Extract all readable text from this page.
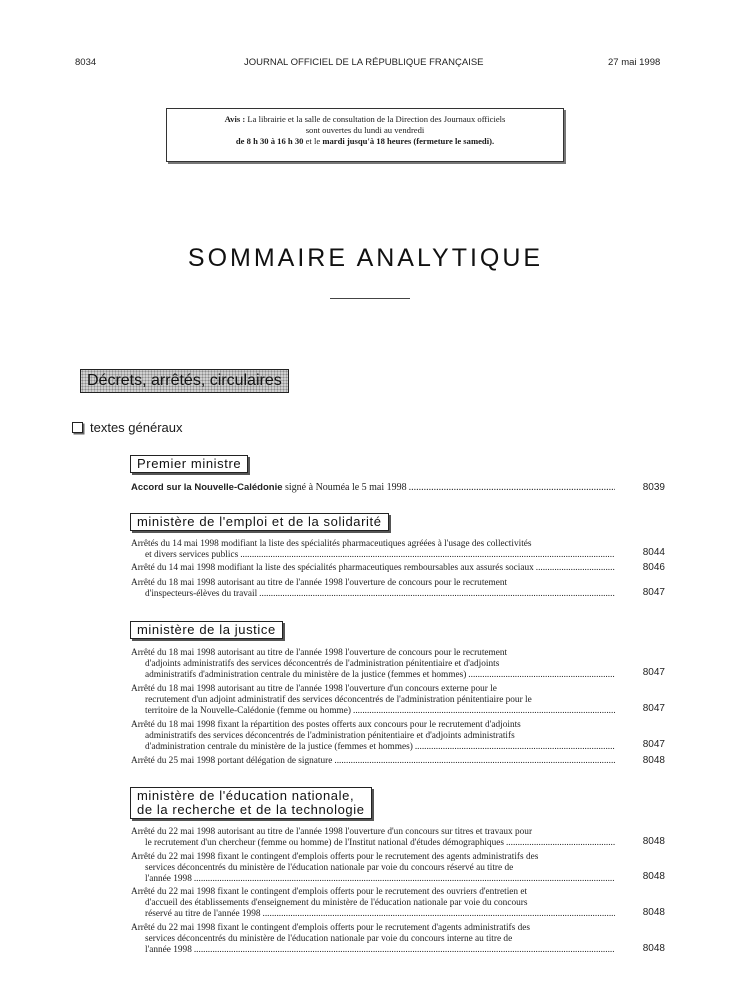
8034	JOURNAL OFFICIEL DE LA RÉPUBLIQUE FRANÇAISE	27 mai 1998
Avis : La librairie et la salle de consultation de la Direction des Journaux officiels
sont ouvertes du lundi au vendredi
de 8 h 30 à 16 h 30 et le mardi jusqu'à 18 heures (fermeture le samedi).
SOMMAIRE ANALYTIQUE
Décrets, arrêtés, circulaires
textes généraux
Premier ministre
Accord sur la Nouvelle-Calédonie signé à Nouméa le 5 mai 1998 .....	8039
ministère de l'emploi et de la solidarité
Arrêtés du 14 mai 1998 modifiant la liste des spécialités pharmaceutiques agréées à l'usage des collectivités
et divers services publics .....	8044
Arrêté du 14 mai 1998 modifiant la liste des spécialités pharmaceutiques remboursables aux assurés sociaux .....	8046
Arrêté du 18 mai 1998 autorisant au titre de l'année 1998 l'ouverture de concours pour le recrutement
d'inspecteurs-élèves du travail .....	8047
ministère de la justice
Arrêté du 18 mai 1998 autorisant au titre de l'année 1998 l'ouverture de concours pour le recrutement
d'adjoints administratifs des services déconcentrés de l'administration pénitentiaire et d'adjoints
administratifs d'administration centrale du ministère de la justice (femmes et hommes) .....	8047
Arrêté du 18 mai 1998 autorisant au titre de l'année 1998 l'ouverture d'un concours externe pour le
recrutement d'un adjoint administratif des services déconcentrés de l'administration pénitentiaire pour le
territoire de la Nouvelle-Calédonie (femme ou homme) .....	8047
Arrêté du 18 mai 1998 fixant la répartition des postes offerts aux concours pour le recrutement d'adjoints
administratifs des services déconcentrés de l'administration pénitentiaire et d'adjoints administratifs
d'administration centrale du ministère de la justice (femmes et hommes) .....	8047
Arrêté du 25 mai 1998 portant délégation de signature .....	8048
ministère de l'éducation nationale,
de la recherche et de la technologie
Arrêté du 22 mai 1998 autorisant au titre de l'année 1998 l'ouverture d'un concours sur titres et travaux pour
le recrutement d'un chercheur (femme ou homme) de l'Institut national d'études démographiques .....	8048
Arrêté du 22 mai 1998 fixant le contingent d'emplois offerts pour le recrutement des agents administratifs des
services déconcentrés du ministère de l'éducation nationale par voie du concours réservé au titre de
l'année 1998 .....	8048
Arrêté du 22 mai 1998 fixant le contingent d'emplois offerts pour le recrutement des ouvriers d'entretien et
d'accueil des établissements d'enseignement du ministère de l'éducation nationale par voie du concours
réservé au titre de l'année 1998 .....	8048
Arrêté du 22 mai 1998 fixant le contingent d'emplois offerts pour le recrutement d'agents administratifs des
services déconcentrés du ministère de l'éducation nationale par voie du concours interne au titre de
l'année 1998 .....	8048
